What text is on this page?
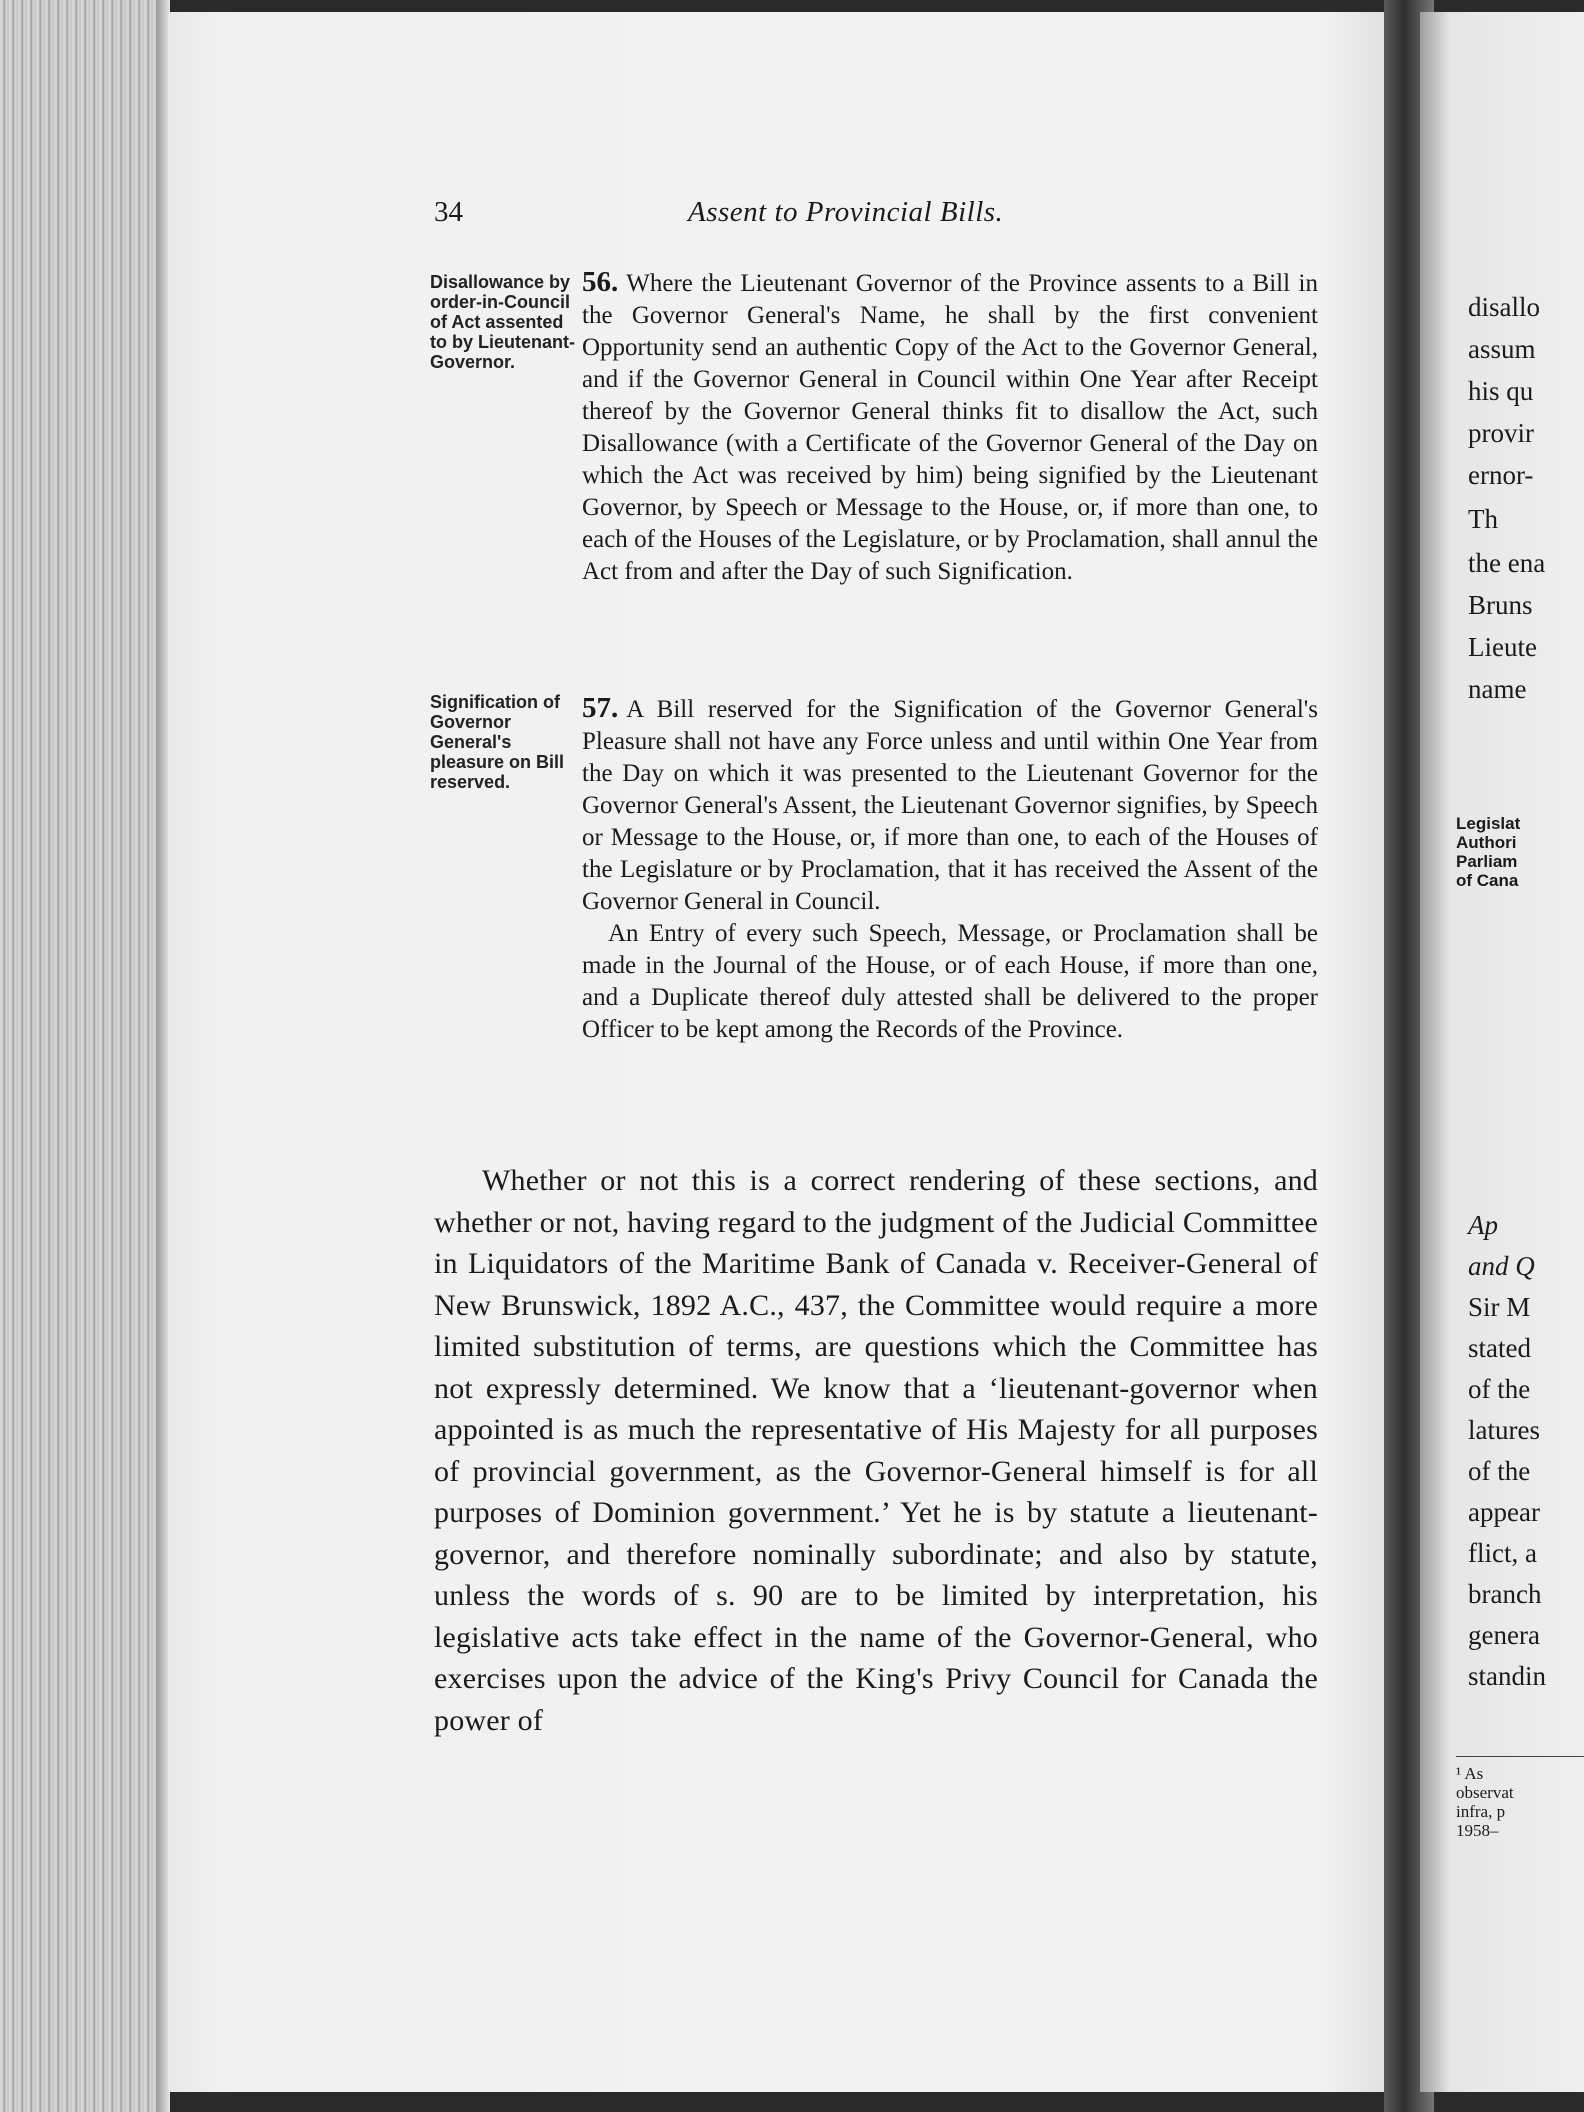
34	Assent to Provincial Bills.
Disallowance by order-in-Council of Act assented to by Lieutenant-Governor.

56. Where the Lieutenant Governor of the Province assents to a Bill in the Governor General's Name, he shall by the first convenient Opportunity send an authentic Copy of the Act to the Governor General, and if the Governor General in Council within One Year after Receipt thereof by the Governor General thinks fit to disallow the Act, such Disallowance (with a Certificate of the Governor General of the Day on which the Act was received by him) being signified by the Lieutenant Governor, by Speech or Message to the House, or, if more than one, to each of the Houses of the Legislature, or by Proclamation, shall annul the Act from and after the Day of such Signification.

Signification of Governor General's pleasure on Bill reserved.

57. A Bill reserved for the Signification of the Governor General's Pleasure shall not have any Force unless and until within One Year from the Day on which it was presented to the Lieutenant Governor for the Governor General's Assent, the Lieutenant Governor signifies, by Speech or Message to the House, or, if more than one, to each of the Houses of the Legislature or by Proclamation, that it has received the Assent of the Governor General in Council.

An Entry of every such Speech, Message, or Proclamation shall be made in the Journal of the House, or of each House, if more than one, and a Duplicate thereof duly attested shall be delivered to the proper Officer to be kept among the Records of the Province.

Whether or not this is a correct rendering of these sections, and whether or not, having regard to the judgment of the Judicial Committee in Liquidators of the Maritime Bank of Canada v. Receiver-General of New Brunswick, 1892 A.C., 437, the Committee would require a more limited substitution of terms, are questions which the Committee has not expressly determined. We know that a ‘lieutenant-governor when appointed is as much the representative of His Majesty for all purposes of provincial government, as the Governor-General himself is for all purposes of Dominion government.’ Yet he is by statute a lieutenant-governor, and therefore nominally subordinate; and also by statute, unless the words of s. 90 are to be limited by interpretation, his legislative acts take effect in the name of the Governor-General, who exercises upon the advice of the King's Privy Council for Canada the power of

disallo
assum
his qu
provir
ernor-
Th
the ena
Bruns
Lieute
name
Legislat
Authori
Parliam
of Cana
Ap
and Q
Sir M
stated
of the
latures
of the
appear
flict, a
branch
genera
standin
¹ As
observat
infra, p
1958–
